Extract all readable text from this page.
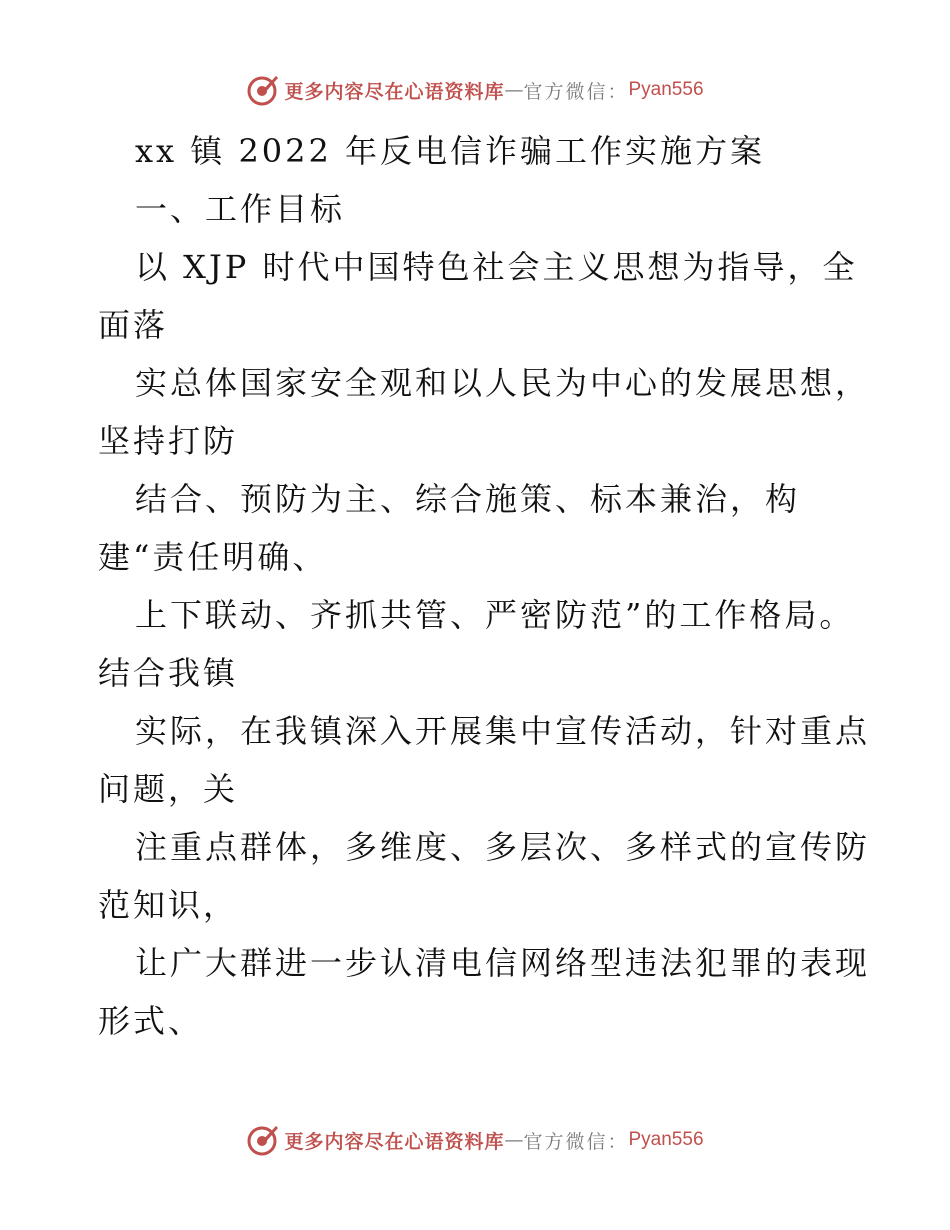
更多内容尽在心语资料库 — 官方微信： Pyan556
xx 镇 2022 年反电信诈骗工作实施方案
一、工作目标
以 XJP 时代中国特色社会主义思想为指导，全
面落
实总体国家安全观和以人民为中心的发展思想，
坚持打防
结合、预防为主、综合施策、标本兼治，构
建“责任明确、
上下联动、齐抓共管、严密防范”的工作格局。
结合我镇
实际，在我镇深入开展集中宣传活动，针对重点
问题，关
注重点群体，多维度、多层次、多样式的宣传防
范知识，
让广大群进一步认清电信网络型违法犯罪的表现
形式、
更多内容尽在心语资料库 — 官方微信： Pyan556
